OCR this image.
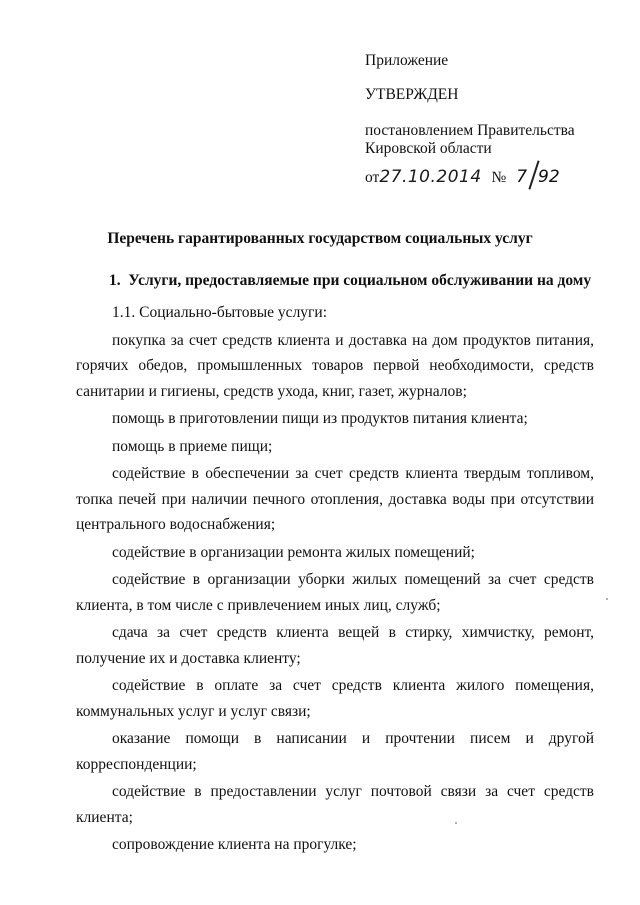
Приложение
УТВЕРЖДЕН
постановлением Правительства
Кировской области
от27.10.2014 № 7 92
Перечень гарантированных государством социальных услуг
1. Услуги, предоставляемые при социальном обслуживании на дому

1.1. Социально-бытовые услуги:

покупка за счет средств клиента и доставка на дом продуктов питания, горячих обедов, промышленных товаров первой необходимости, средств санитарии и гигиены, средств ухода, книг, газет, журналов;

помощь в приготовлении пищи из продуктов питания клиента;

помощь в приеме пищи;

содействие в обеспечении за счет средств клиента твердым топливом, топка печей при наличии печного отопления, доставка воды при отсутствии центрального водоснабжения;

содействие в организации ремонта жилых помещений;

содействие в организации уборки жилых помещений за счет средств клиента, в том числе с привлечением иных лиц, служб;

сдача за счет средств клиента вещей в стирку, химчистку, ремонт, получение их и доставка клиенту;

содействие в оплате за счет средств клиента жилого помещения, коммунальных услуг и услуг связи;

оказание помощи в написании и прочтении писем и другой корреспонденции;

содействие в предоставлении услуг почтовой связи за счет средств клиента;

сопровождение клиента на прогулке;
